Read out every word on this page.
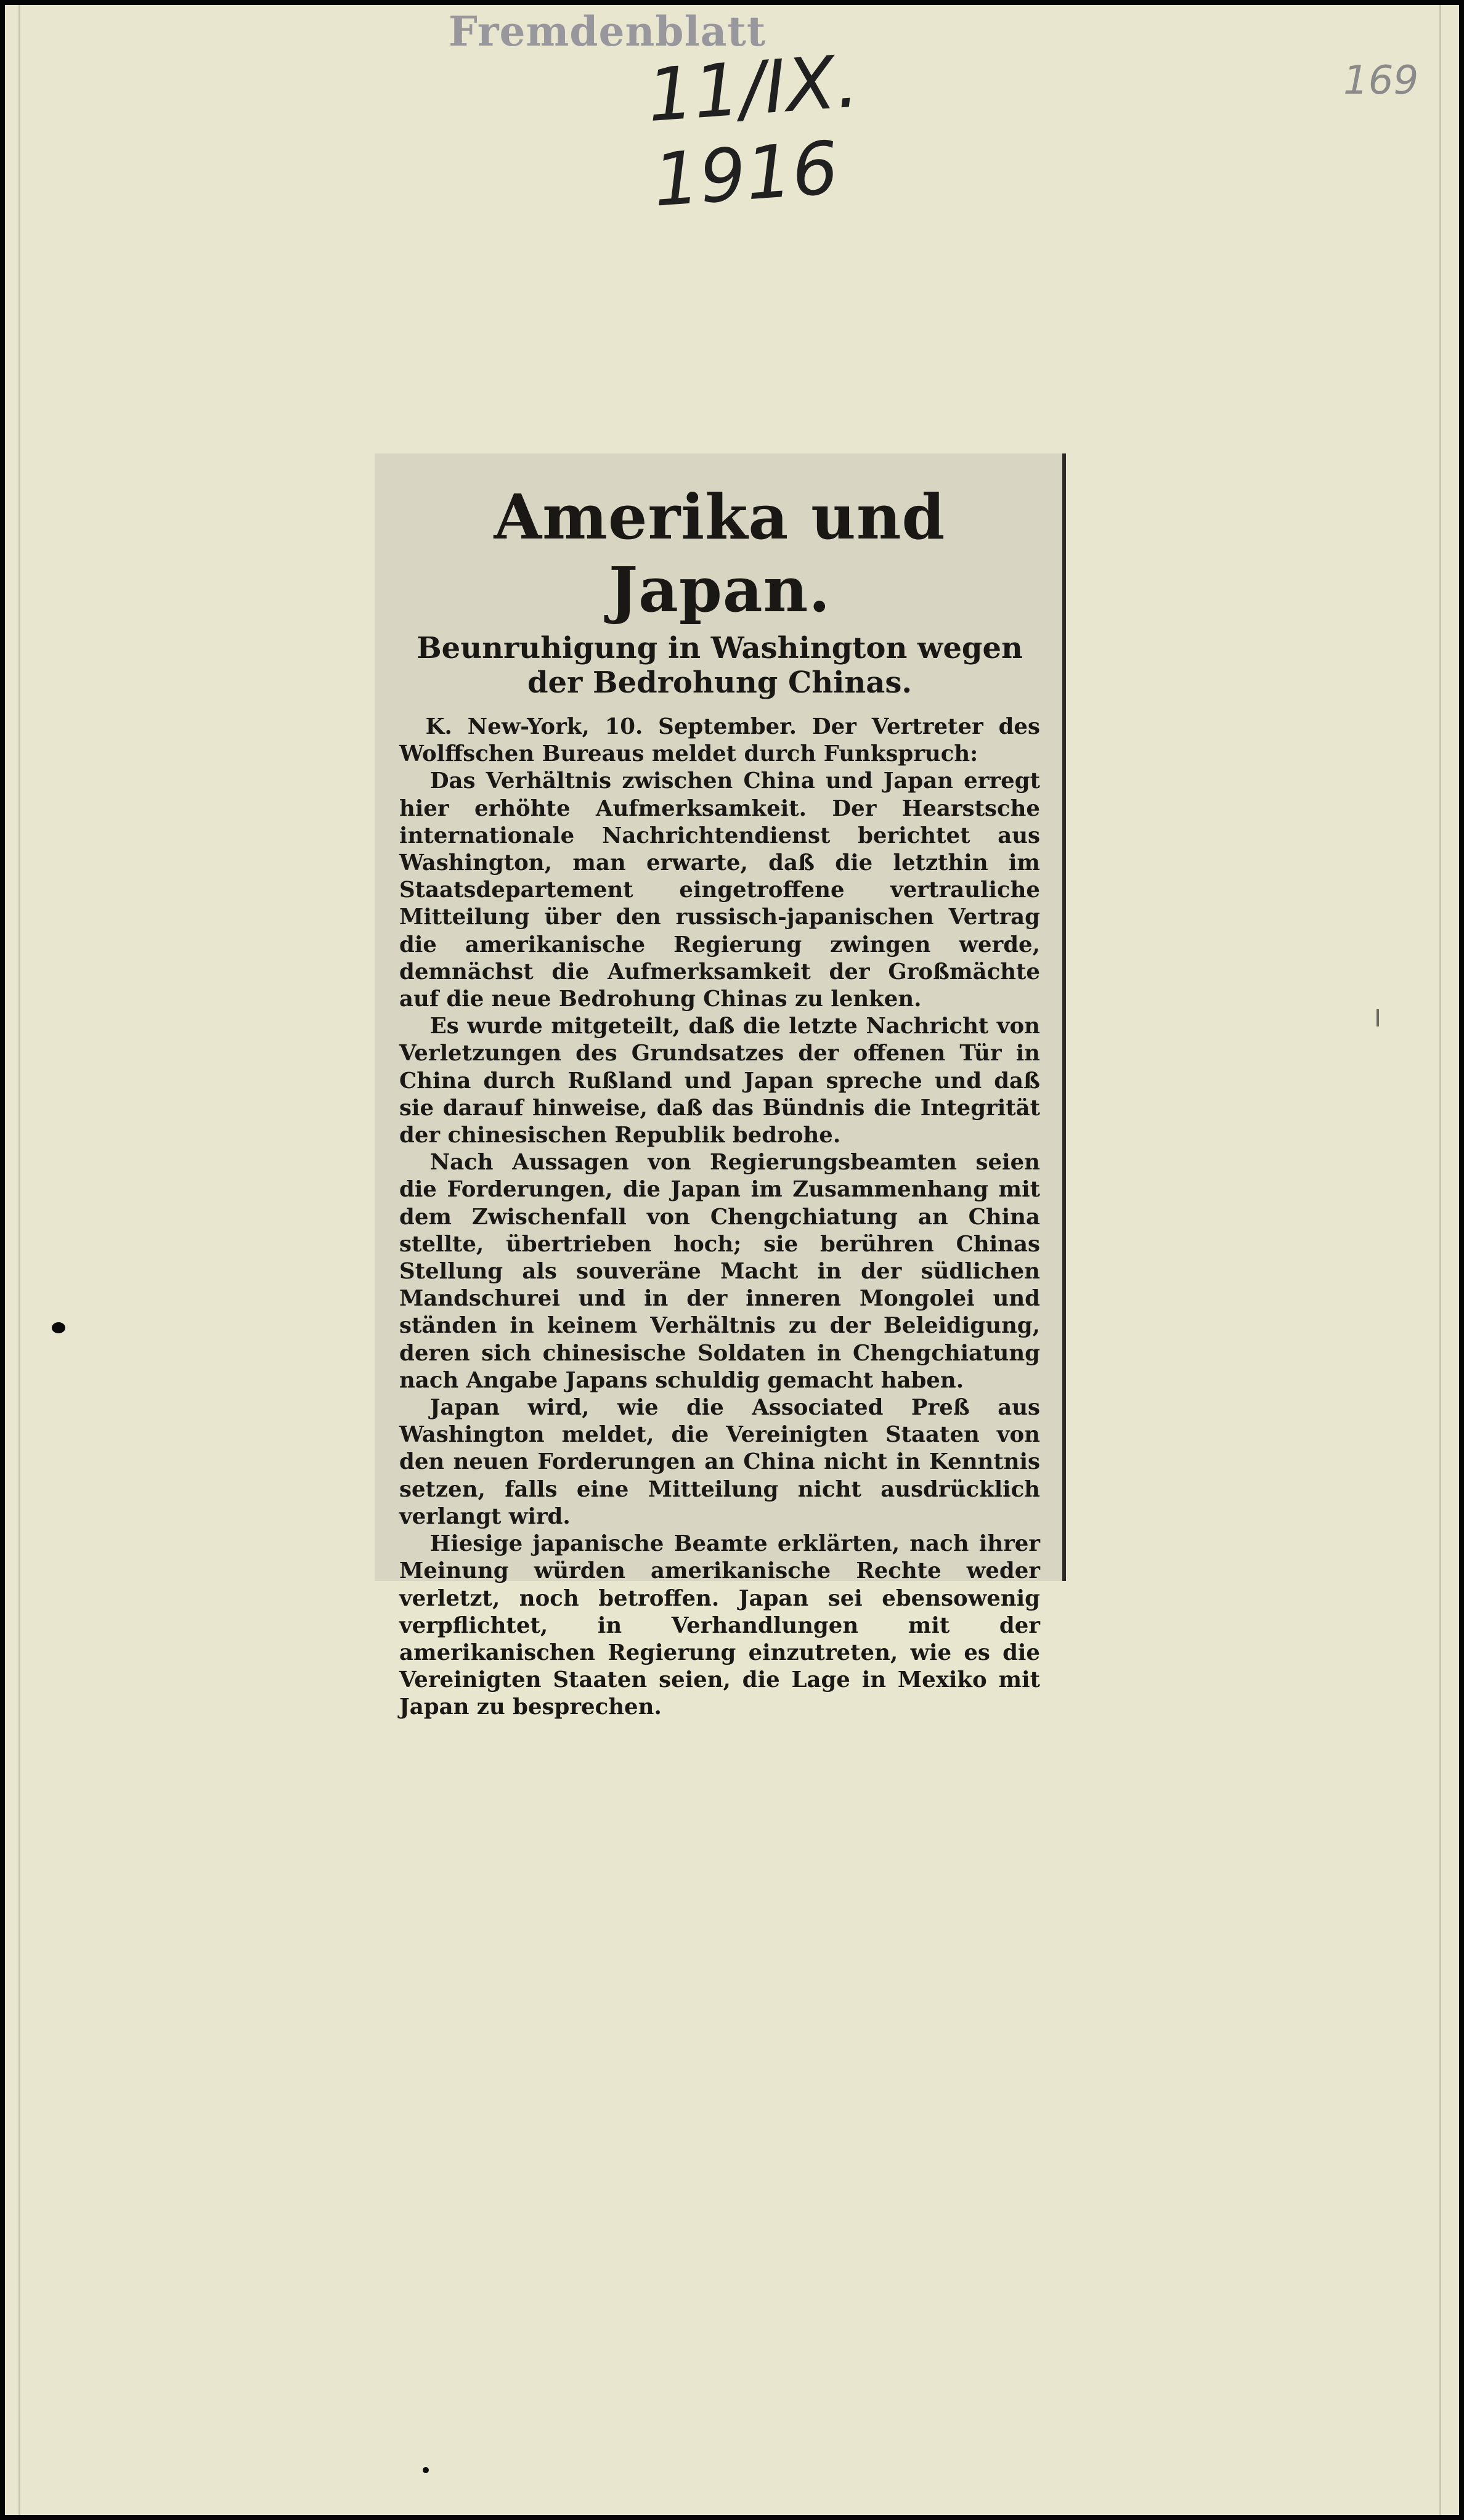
Fremdenblatt
11/IX. 1916
169
Amerika und Japan.
Beunruhigung in Washington wegen der Bedrohung Chinas.

K. New-York, 10. September. Der Vertreter des Wolffschen Bureaus meldet durch Funkspruch:

Das Verhältnis zwischen China und Japan erregt hier erhöhte Aufmerksamkeit. Der Hearstsche internationale Nachrichtendienst berichtet aus Washington, man erwarte, daß die letzthin im Staatsdepartement eingetroffene vertrauliche Mitteilung über den russisch-japanischen Vertrag die amerikanische Regierung zwingen werde, demnächst die Aufmerksamkeit der Großmächte auf die neue Bedrohung Chinas zu lenken.

Es wurde mitgeteilt, daß die letzte Nachricht von Verletzungen des Grundsatzes der offenen Tür in China durch Rußland und Japan spreche und daß sie darauf hinweise, daß das Bündnis die Integrität der chinesischen Republik bedrohe.

Nach Aussagen von Regierungsbeamten seien die Forderungen, die Japan im Zusammenhang mit dem Zwischenfall von Chengchiatung an China stellte, übertrieben hoch; sie berühren Chinas Stellung als souveräne Macht in der südlichen Mandschurei und in der inneren Mongolei und ständen in keinem Verhältnis zu der Beleidigung, deren sich chinesische Soldaten in Chengchiatung nach Angabe Japans schuldig gemacht haben.

Japan wird, wie die Associated Preß aus Washington meldet, die Vereinigten Staaten von den neuen Forderungen an China nicht in Kenntnis setzen, falls eine Mitteilung nicht ausdrücklich verlangt wird.

Hiesige japanische Beamte erklärten, nach ihrer Meinung würden amerikanische Rechte weder verletzt, noch betroffen. Japan sei ebensowenig verpflichtet, in Verhandlungen mit der amerikanischen Regierung einzutreten, wie es die Vereinigten Staaten seien, die Lage in Mexiko mit Japan zu besprechen.
